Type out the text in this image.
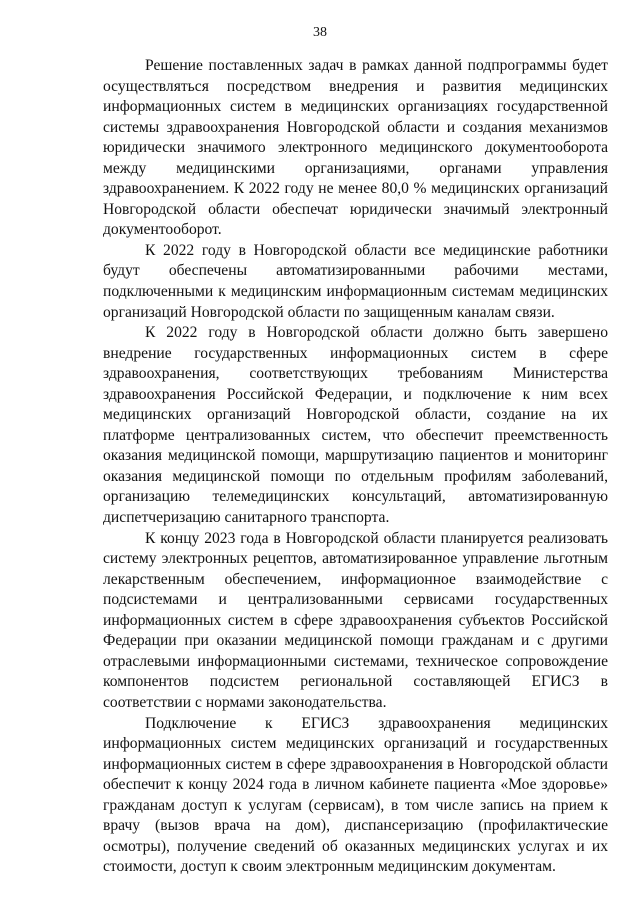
38

Решение поставленных задач в рамках данной подпрограммы будет осуществляться посредством внедрения и развития медицинских информационных систем в медицинских организациях государственной системы здравоохранения Новгородской области и создания механизмов юридически значимого электронного медицинского документооборота между медицинскими организациями, органами управления здравоохранением. К 2022 году не менее 80,0 % медицинских организаций Новгородской области обеспечат юридически значимый электронный документооборот.

К 2022 году в Новгородской области все медицинские работники будут обеспечены автоматизированными рабочими местами, подключенными к медицинским информационным системам медицинских организаций Новгородской области по защищенным каналам связи.

К 2022 году в Новгородской области должно быть завершено внедрение государственных информационных систем в сфере здравоохранения, соответствующих требованиям Министерства здравоохранения Российской Федерации, и подключение к ним всех медицинских организаций Новгородской области, создание на их платформе централизованных систем, что обеспечит преемственность оказания медицинской помощи, маршрутизацию пациентов и мониторинг оказания медицинской помощи по отдельным профилям заболеваний, организацию телемедицинских консультаций, автоматизированную диспетчеризацию санитарного транспорта.

К концу 2023 года в Новгородской области планируется реализовать систему электронных рецептов, автоматизированное управление льготным лекарственным обеспечением, информационное взаимодействие с подсистемами и централизованными сервисами государственных информационных систем в сфере здравоохранения субъектов Российской Федерации при оказании медицинской помощи гражданам и с другими отраслевыми информационными системами, техническое сопровождение компонентов подсистем региональной составляющей ЕГИСЗ в соответствии с нормами законодательства.

Подключение к ЕГИСЗ здравоохранения медицинских информационных систем медицинских организаций и государственных информационных систем в сфере здравоохранения в Новгородской области обеспечит к концу 2024 года в личном кабинете пациента «Мое здоровье» гражданам доступ к услугам (сервисам), в том числе запись на прием к врачу (вызов врача на дом), диспансеризацию (профилактические осмотры), получение сведений об оказанных медицинских услугах и их стоимости, доступ к своим электронным медицинским документам.
